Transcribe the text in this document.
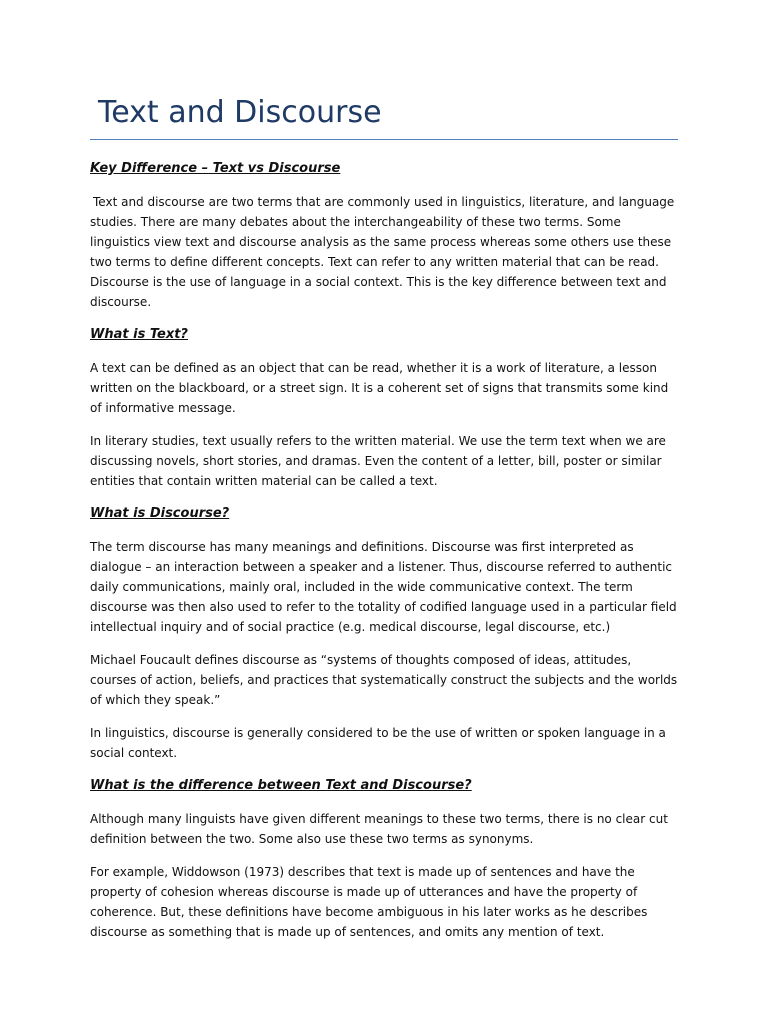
Text and Discourse
Key Difference – Text vs Discourse

Text and discourse are two terms that are commonly used in linguistics, literature, and language studies. There are many debates about the interchangeability of these two terms. Some linguistics view text and discourse analysis as the same process whereas some others use these two terms to define different concepts. Text can refer to any written material that can be read. Discourse is the use of language in a social context. This is the key difference between text and discourse.

What is Text?

A text can be defined as an object that can be read, whether it is a work of literature, a lesson written on the blackboard, or a street sign. It is a coherent set of signs that transmits some kind of informative message.

In literary studies, text usually refers to the written material. We use the term text when we are discussing novels, short stories, and dramas. Even the content of a letter, bill, poster or similar entities that contain written material can be called a text.

What is Discourse?

The term discourse has many meanings and definitions. Discourse was first interpreted as dialogue – an interaction between a speaker and a listener. Thus, discourse referred to authentic daily communications, mainly oral, included in the wide communicative context. The term discourse was then also used to refer to the totality of codified language used in a particular field intellectual inquiry and of social practice (e.g. medical discourse, legal discourse, etc.)

Michael Foucault defines discourse as “systems of thoughts composed of ideas, attitudes, courses of action, beliefs, and practices that systematically construct the subjects and the worlds of which they speak.”

In linguistics, discourse is generally considered to be the use of written or spoken language in a social context.

What is the difference between Text and Discourse?

Although many linguists have given different meanings to these two terms, there is no clear cut definition between the two. Some also use these two terms as synonyms.

For example, Widdowson (1973) describes that text is made up of sentences and have the property of cohesion whereas discourse is made up of utterances and have the property of coherence. But, these definitions have become ambiguous in his later works as he describes discourse as something that is made up of sentences, and omits any mention of text.
